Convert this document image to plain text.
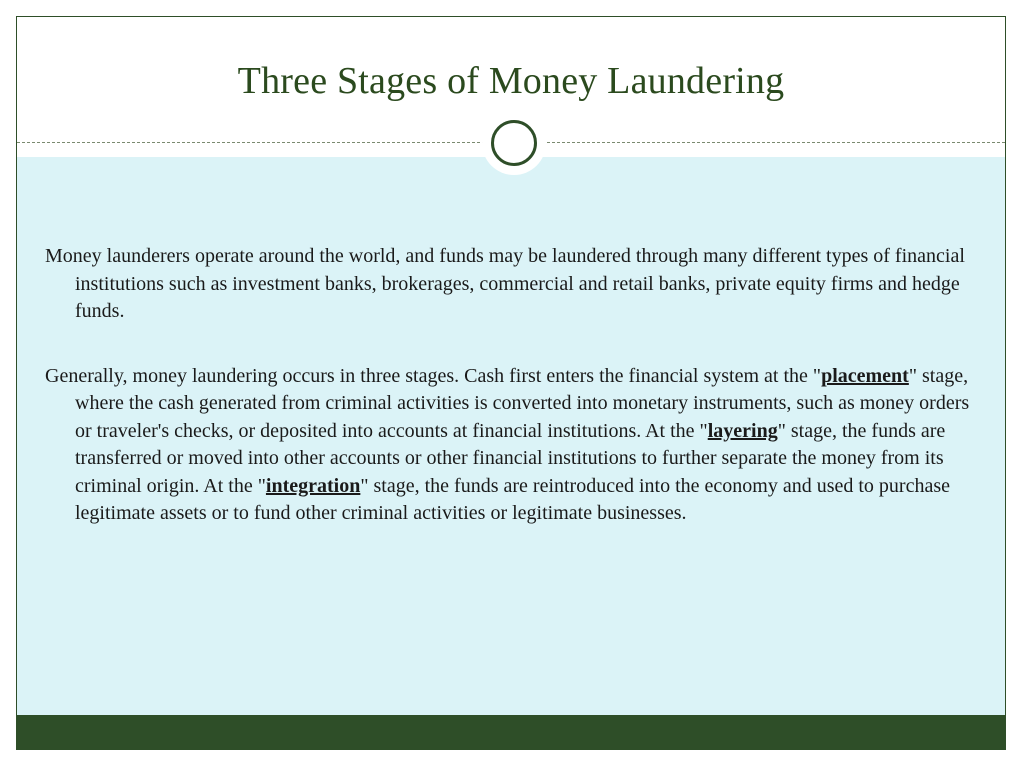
Three Stages of Money Laundering

Money launderers operate around the world, and funds may be laundered through many different types of financial institutions such as investment banks, brokerages, commercial and retail banks, private equity firms and hedge funds.

Generally, money laundering occurs in three stages. Cash first enters the financial system at the "placement" stage, where the cash generated from criminal activities is converted into monetary instruments, such as money orders or traveler's checks, or deposited into accounts at financial institutions. At the "layering" stage, the funds are transferred or moved into other accounts or other financial institutions to further separate the money from its criminal origin. At the "integration" stage, the funds are reintroduced into the economy and used to purchase legitimate assets or to fund other criminal activities or legitimate businesses.
